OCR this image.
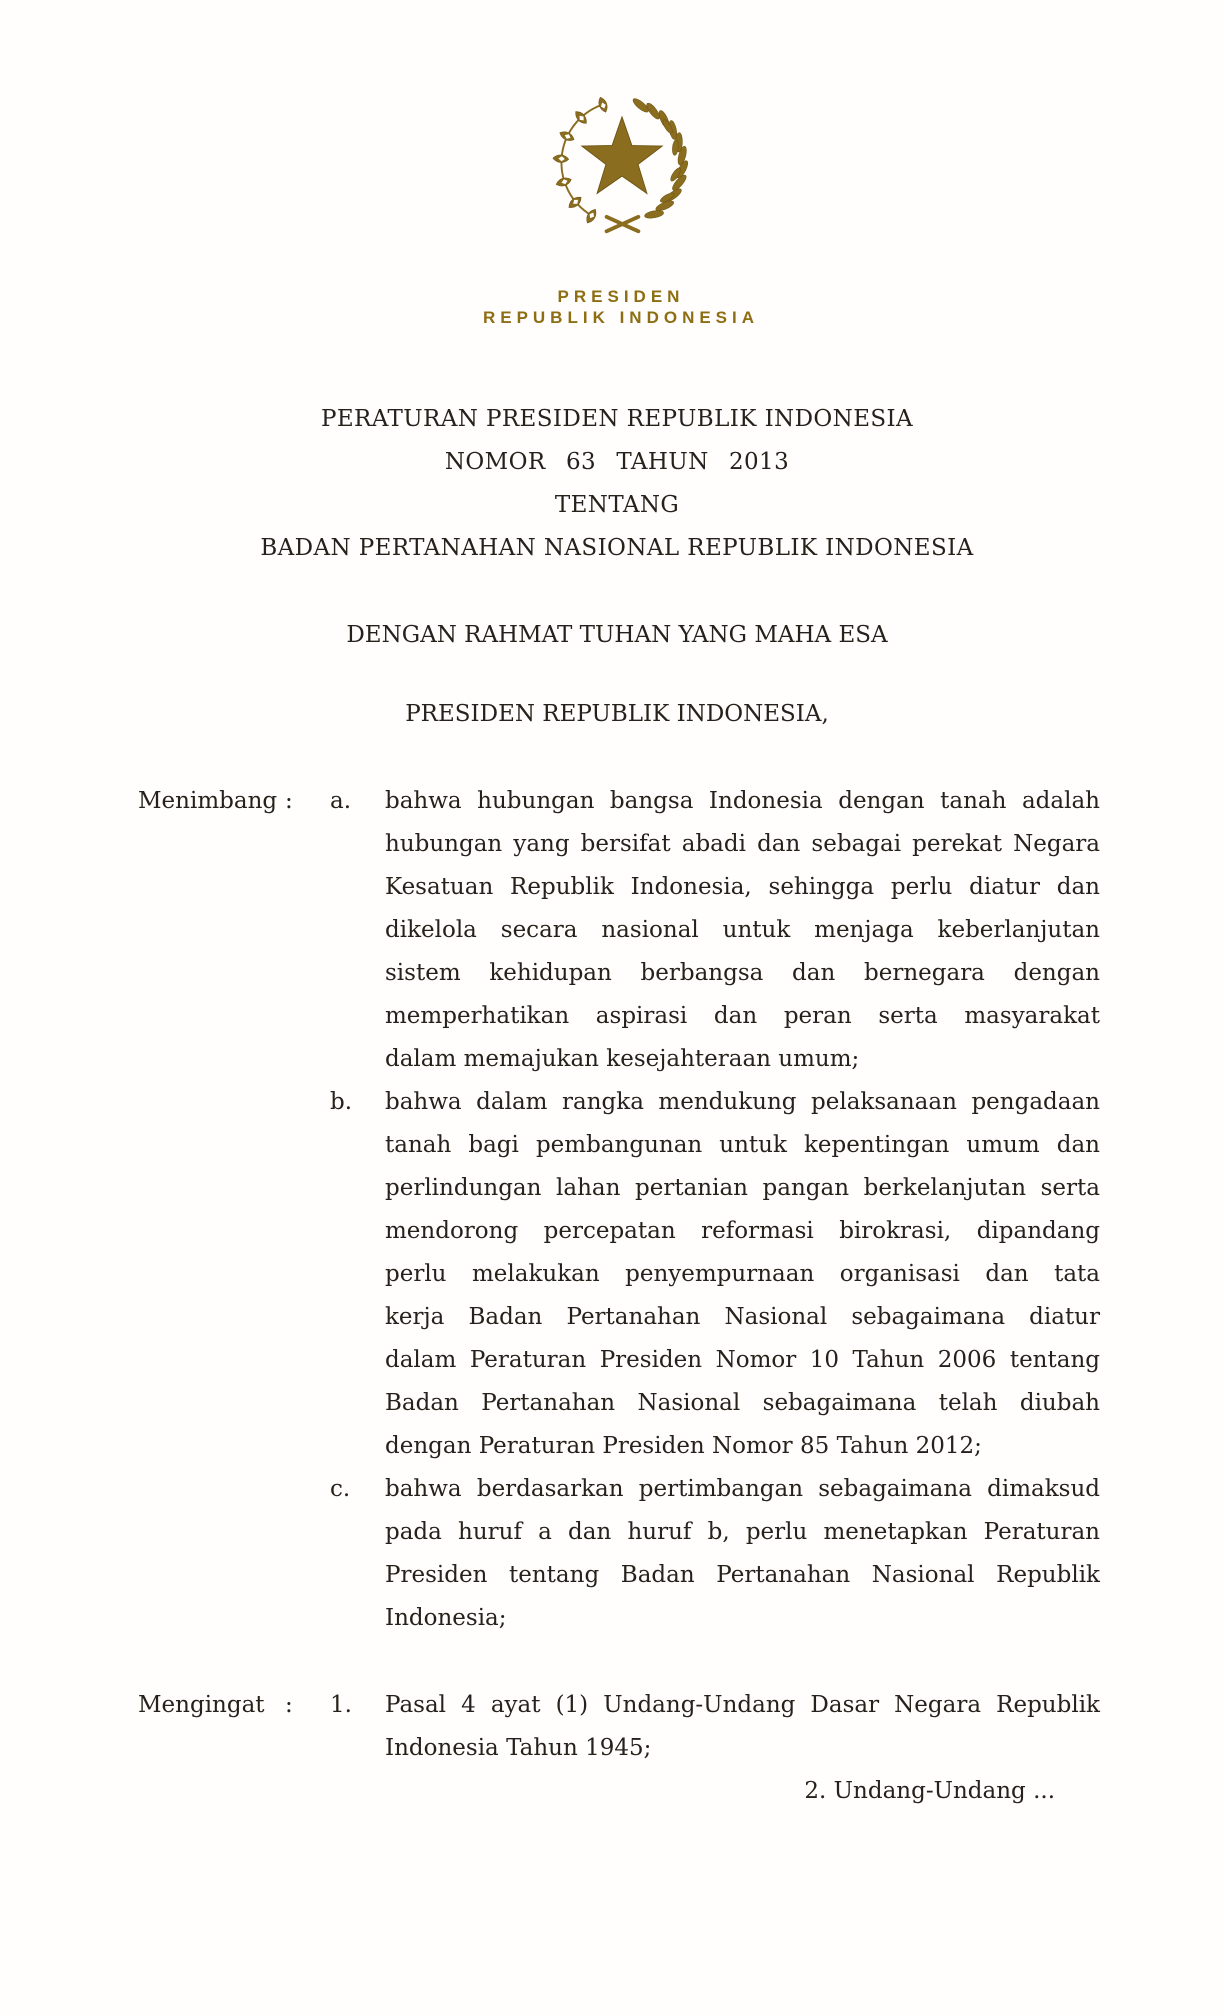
PRESIDEN
REPUBLIK INDONESIA
PERATURAN PRESIDEN REPUBLIK INDONESIA
NOMOR 63 TAHUN 2013
TENTANG
BADAN PERTANAHAN NASIONAL REPUBLIK INDONESIA
DENGAN RAHMAT TUHAN YANG MAHA ESA
PRESIDEN REPUBLIK INDONESIA,
Menimbang :	a.	bahwa hubungan bangsa Indonesia dengan tanah adalah
hubungan yang bersifat abadi dan sebagai perekat Negara
Kesatuan Republik Indonesia, sehingga perlu diatur dan
dikelola secara nasional untuk menjaga keberlanjutan
sistem kehidupan berbangsa dan bernegara dengan
memperhatikan aspirasi dan peran serta masyarakat
dalam memajukan kesejahteraan umum;
b.	bahwa dalam rangka mendukung pelaksanaan pengadaan
tanah bagi pembangunan untuk kepentingan umum dan
perlindungan lahan pertanian pangan berkelanjutan serta
mendorong percepatan reformasi birokrasi, dipandang
perlu melakukan penyempurnaan organisasi dan tata
kerja Badan Pertanahan Nasional sebagaimana diatur
dalam Peraturan Presiden Nomor 10 Tahun 2006 tentang
Badan Pertanahan Nasional sebagaimana telah diubah
dengan Peraturan Presiden Nomor 85 Tahun 2012;
c.	bahwa berdasarkan pertimbangan sebagaimana dimaksud
pada huruf a dan huruf b, perlu menetapkan Peraturan
Presiden tentang Badan Pertanahan Nasional Republik
Indonesia;
Mengingat :	1.	Pasal 4 ayat (1) Undang-Undang Dasar Negara Republik
Indonesia Tahun 1945;
2. Undang-Undang ...
